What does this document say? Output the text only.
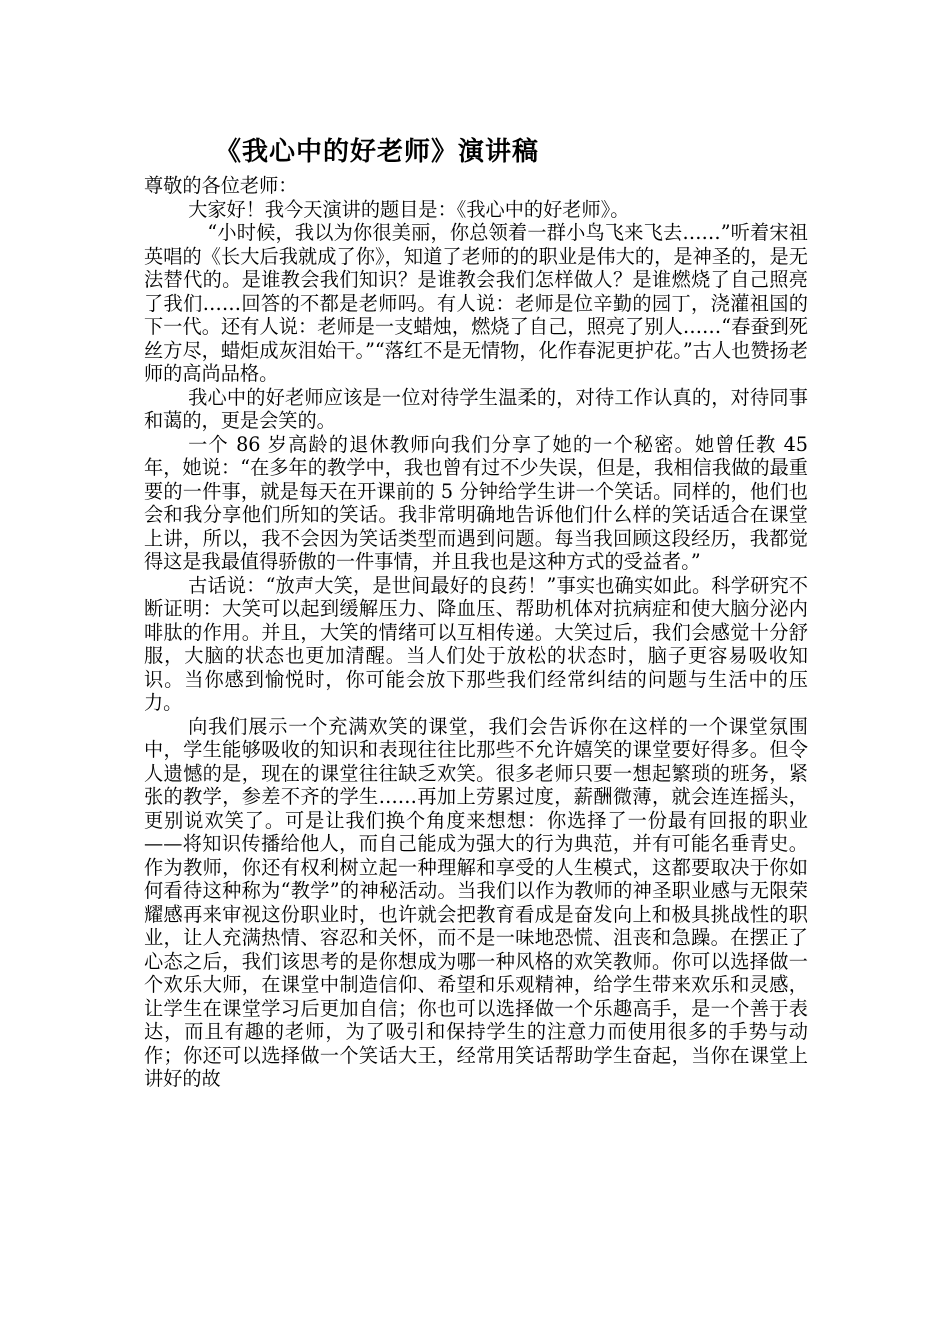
《我心中的好老师》演讲稿

尊敬的各位老师：

大家好！我今天演讲的题目是：《我心中的好老师》。

“小时候，我以为你很美丽，你总领着一群小鸟飞来飞去……”听着宋祖英唱的《长大后我就成了你》，知道了老师的的职业是伟大的，是神圣的，是无法替代的。是谁教会我们知识？是谁教会我们怎样做人？是谁燃烧了自己照亮了我们……回答的不都是老师吗。有人说：老师是位辛勤的园丁，浇灌祖国的下一代。还有人说：老师是一支蜡烛，燃烧了自己，照亮了别人……“春蚕到死丝方尽，蜡炬成灰泪始干。”“落红不是无情物，化作春泥更护花。”古人也赞扬老师的高尚品格。

我心中的好老师应该是一位对待学生温柔的，对待工作认真的，对待同事和蔼的，更是会笑的。

一个 86 岁高龄的退休教师向我们分享了她的一个秘密。她曾任教 45 年，她说：“在多年的教学中，我也曾有过不少失误，但是，我相信我做的最重要的一件事，就是每天在开课前的 5 分钟给学生讲一个笑话。同样的，他们也会和我分享他们所知的笑话。我非常明确地告诉他们什么样的笑话适合在课堂上讲，所以，我不会因为笑话类型而遇到问题。每当我回顾这段经历，我都觉得这是我最值得骄傲的一件事情，并且我也是这种方式的受益者。”

古话说：“放声大笑，是世间最好的良药！”事实也确实如此。科学研究不断证明：大笑可以起到缓解压力、降血压、帮助机体对抗病症和使大脑分泌内啡肽的作用。并且，大笑的情绪可以互相传递。大笑过后，我们会感觉十分舒服，大脑的状态也更加清醒。当人们处于放松的状态时，脑子更容易吸收知识。当你感到愉悦时，你可能会放下那些我们经常纠结的问题与生活中的压力。

向我们展示一个充满欢笑的课堂，我们会告诉你在这样的一个课堂氛围中，学生能够吸收的知识和表现往往比那些不允许嬉笑的课堂要好得多。但令人遗憾的是，现在的课堂往往缺乏欢笑。很多老师只要一想起繁琐的班务，紧张的教学，参差不齐的学生……再加上劳累过度，薪酬微薄，就会连连摇头，更别说欢笑了。可是让我们换个角度来想想：你选择了一份最有回报的职业——将知识传播给他人，而自己能成为强大的行为典范，并有可能名垂青史。作为教师，你还有权利树立起一种理解和享受的人生模式，这都要取决于你如何看待这种称为“教学”的神秘活动。当我们以作为教师的神圣职业感与无限荣耀感再来审视这份职业时，也许就会把教育看成是奋发向上和极具挑战性的职业，让人充满热情、容忍和关怀，而不是一味地恐慌、沮丧和急躁。在摆正了心态之后，我们该思考的是你想成为哪一种风格的欢笑教师。你可以选择做一个欢乐大师，在课堂中制造信仰、希望和乐观精神，给学生带来欢乐和灵感，让学生在课堂学习后更加自信；你也可以选择做一个乐趣高手，是一个善于表达，而且有趣的老师，为了吸引和保持学生的注意力而使用很多的手势与动作；你还可以选择做一个笑话大王，经常用笑话帮助学生奋起，当你在课堂上讲好的故
